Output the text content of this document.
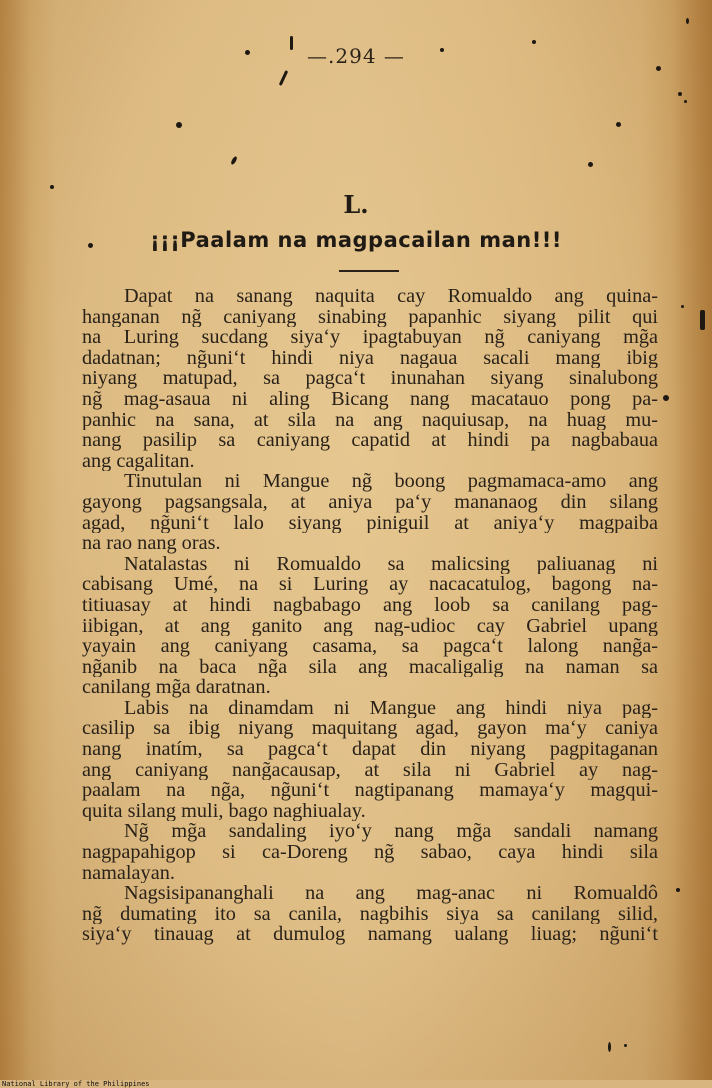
—.294 —
L.
¡¡¡Paalam na magpacailan man!!!
Dapat na sanang naquita cay Romualdo ang quina-
hanganan ng̃ caniyang sinabing papanhic siyang pilit qui
na Luring sucdang siya‘y ipagtabuyan ng̃ caniyang mg̃a
dadatnan; ng̃uni‘t hindi niya nagaua sacali mang ibig
niyang matupad, sa pagca‘t inunahan siyang sinalubong
ng̃ mag-asaua ni aling Bicang nang macatauo pong pa-
panhic na sana, at sila na ang naquiusap, na huag mu-
nang pasilip sa caniyang capatid at hindi pa nagbabaua
ang cagalitan.
Tinutulan ni Mangue ng̃ boong pagmamaca-amo ang
gayong pagsangsala, at aniya pa‘y mananaog din silang
agad, ng̃uni‘t lalo siyang piniguil at aniya‘y magpaiba
na rao nang oras.
Natalastas ni Romualdo sa malicsing paliuanag ni
cabisang Umé, na si Luring ay nacacatulog, bagong na-
titiuasay at hindi nagbabago ang loob sa canilang pag-
iibigan, at ang ganito ang nag-udioc cay Gabriel upang
yayain ang caniyang casama, sa pagca‘t lalong nang̃a-
ng̃anib na baca ng̃a sila ang macaligalig na naman sa
canilang mg̃a daratnan.
Labis na dinamdam ni Mangue ang hindi niya pag-
casilip sa ibig niyang maquitang agad, gayon ma‘y caniya
nang inatím, sa pagca‘t dapat din niyang pagpitaganan
ang caniyang nang̃acausap, at sila ni Gabriel ay nag-
paalam na ng̃a, ng̃uni‘t nagtipanang mamaya‘y magqui-
quita silang muli, bago naghiualay.
Ng̃ mg̃a sandaling iyo‘y nang mg̃a sandali namang
nagpapahigop si ca-Doreng ng̃ sabao, caya hindi sila
namalayan.
Nagsisipananghali na ang mag-anac ni Romualdô
ng̃ dumating ito sa canila, nagbihis siya sa canilang silid,
siya‘y tinauag at dumulog namang ualang liuag; ng̃uni‘t
National Library of the Philippines
